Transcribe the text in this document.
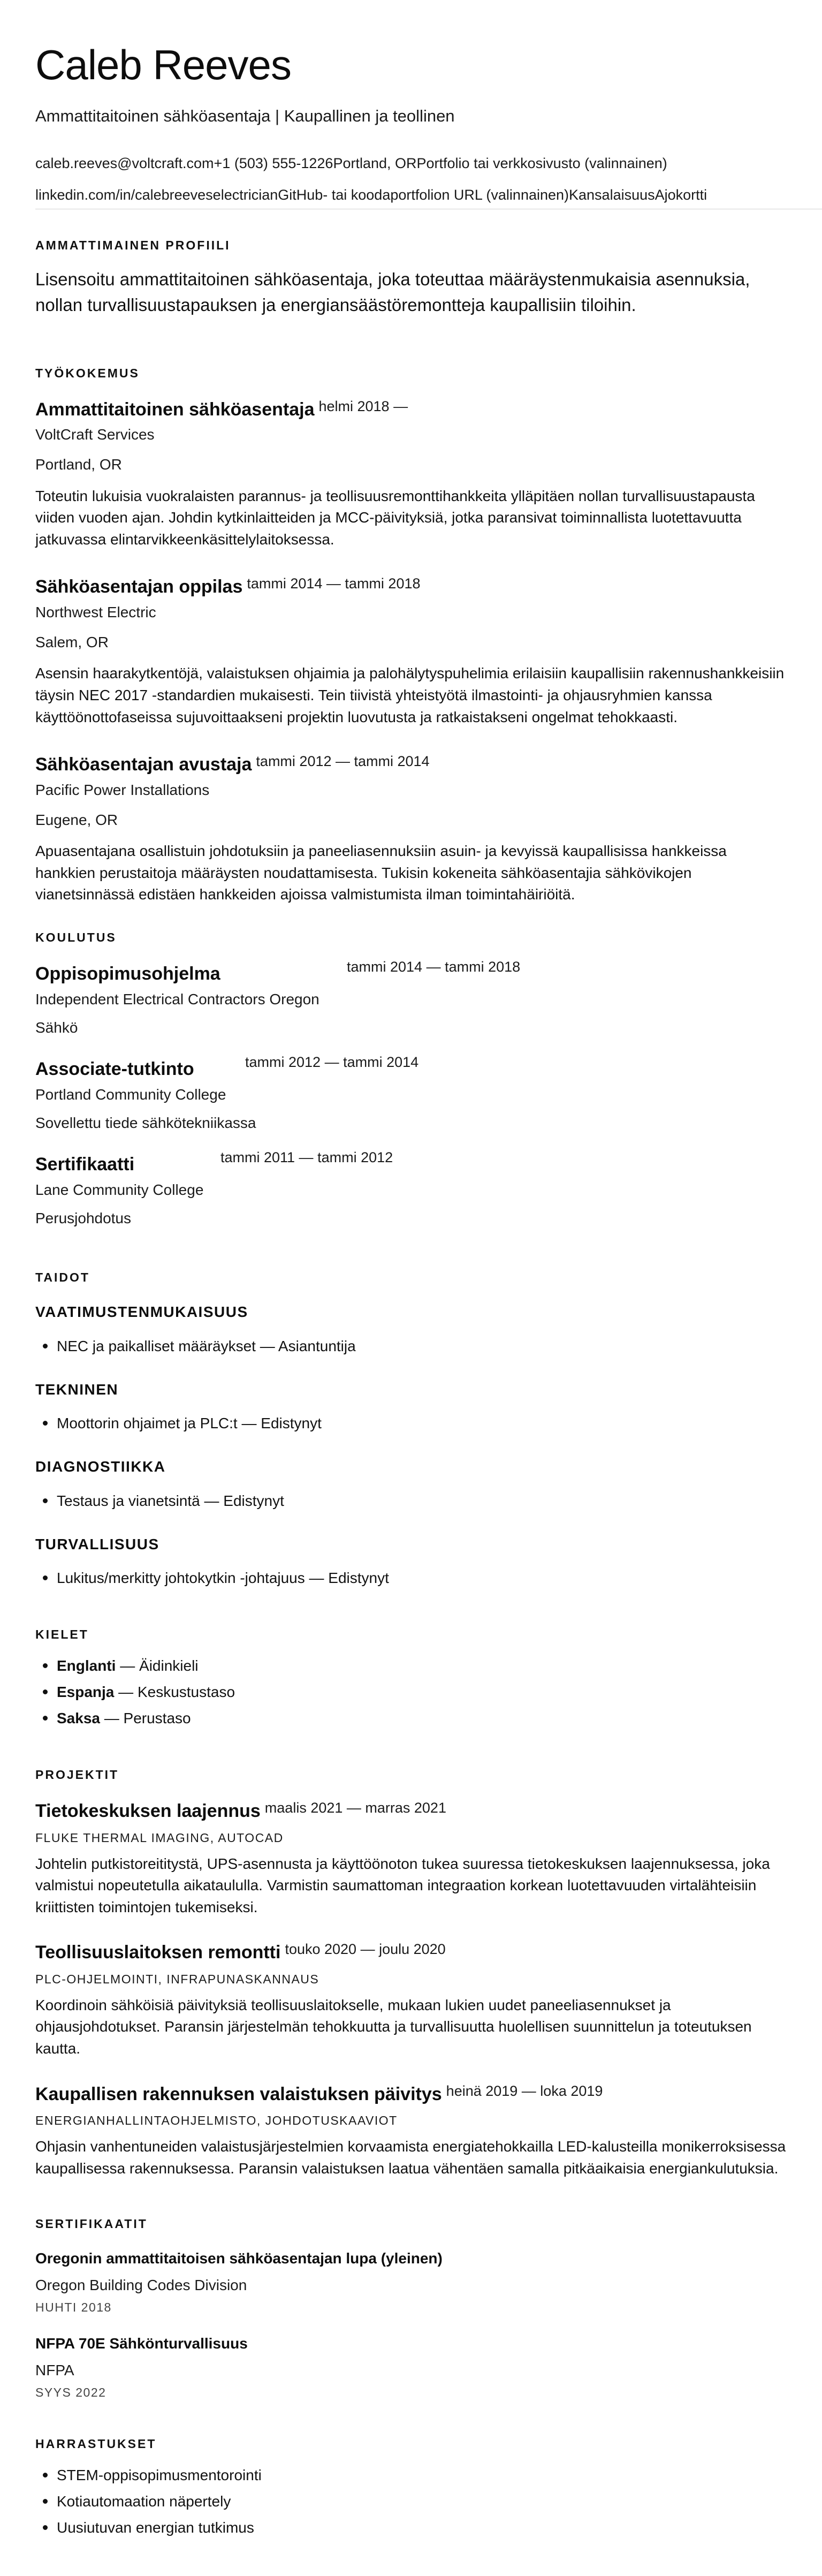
Caleb Reeves
Ammattitaitoinen sähköasentaja | Kaupallinen ja teollinen
caleb.reeves@voltcraft.com+1 (503) 555-1226Portland, ORPortfolio tai verkkosivusto (valinnainen)
linkedin.com/in/calebreeveselectricianGitHub- tai koodaportfolion URL (valinnainen)KansalaisuusAjokortti
AMMATTIMAINEN PROFIILI

Lisensoitu ammattitaitoinen sähköasentaja, joka toteuttaa määräystenmukaisia asennuksia, nollan turvallisuustapauksen ja energiansäästöremontteja kaupallisiin tiloihin.

TYÖKOKEMUS
Ammattitaitoinen sähköasentaja helmi 2018 —
VoltCraft Services
Portland, OR

Toteutin lukuisia vuokralaisten parannus- ja teollisuusremonttihankkeita ylläpitäen nollan turvallisuustapausta viiden vuoden ajan. Johdin kytkinlaitteiden ja MCC-päivityksiä, jotka paransivat toiminnallista luotettavuutta jatkuvassa elintarvikkeenkäsittelylaitoksessa.

Sähköasentajan oppilas tammi 2014 — tammi 2018
Northwest Electric
Salem, OR

Asensin haarakytkentöjä, valaistuksen ohjaimia ja palohälytyspuhelimia erilaisiin kaupallisiin rakennushankkeisiin täysin NEC 2017 -standardien mukaisesti. Tein tiivistä yhteistyötä ilmastointi- ja ohjausryhmien kanssa käyttöönottofaseissa sujuvoittaakseni projektin luovutusta ja ratkaistakseni ongelmat tehokkaasti.

Sähköasentajan avustaja tammi 2012 — tammi 2014
Pacific Power Installations
Eugene, OR

Apuasentajana osallistuin johdotuksiin ja paneeliasennuksiin asuin- ja kevyissä kaupallisissa hankkeissa hankkien perustaitoja määräysten noudattamisesta. Tukisin kokeneita sähköasentajia sähkövikojen vianetsinnässä edistäen hankkeiden ajoissa valmistumista ilman toimintahäiriöitä.

KOULUTUS
Oppisopimusohjelma	tammi 2014 — tammi 2018
Independent Electrical Contractors Oregon
Sähkö
Associate-tutkinto	tammi 2012 — tammi 2014
Portland Community College
Sovellettu tiede sähkötekniikassa
Sertifikaatti	tammi 2011 — tammi 2012
Lane Community College
Perusjohdotus
TAIDOT
VAATIMUSTENMUKAISUUS
NEC ja paikalliset määräykset — Asiantuntija
TEKNINEN
Moottorin ohjaimet ja PLC:t — Edistynyt
DIAGNOSTIIKKA
Testaus ja vianetsintä — Edistynyt
TURVALLISUUS
Lukitus/merkitty johtokytkin -johtajuus — Edistynyt
KIELET
Englanti — Äidinkieli
Espanja — Keskustustaso
Saksa — Perustaso
PROJEKTIT
Tietokeskuksen laajennus maalis 2021 — marras 2021
FLUKE THERMAL IMAGING, AUTOCAD

Johtelin putkistoreitityst​ä, UPS-asennusta ja käyttöönoton tukea suuressa tietokeskuksen laajennuksessa, joka valmistui nopeutetulla aikataululla. Varmistin saumattoman integraation korkean luotettavuuden virtalähteisiin kriittisten toimintojen tukemiseksi.

Teollisuuslaitoksen remontti touko 2020 — joulu 2020
PLC-OHJELMOINTI, INFRAPUNASKANNAUS

Koordinoin sähköisiä päivityksiä teollisuuslaitokselle, mukaan lukien uudet paneeliasennukset ja ohjausjohdotukset. Paransin järjestelmän tehokkuutta ja turvallisuutta huolellisen suunnittelun ja toteutuksen kautta.

Kaupallisen rakennuksen valaistuksen päivitys heinä 2019 — loka 2019
ENERGIANHALLINTAOHJELMISTO, JOHDOTUSKAAVIOT

Ohjasin vanhentuneiden valaistusjärjestelmien korvaamista energiatehokkailla LED-kalusteilla monikerroksisessa kaupallisessa rakennuksessa. Paransin valaistuksen laatua vähentäen samalla pitkäaikaisia energiankulutuksia.

SERTIFIKAATIT
Oregonin ammattitaitoisen sähköasentajan lupa (yleinen)
Oregon Building Codes Division
HUHTI 2018
NFPA 70E Sähkönturvallisuus
NFPA
SYYS 2022
HARRASTUKSET
STEM-oppisopimusmentorointi
Kotiautomaation näpertely
Uusiutuvan energian tutkimus
